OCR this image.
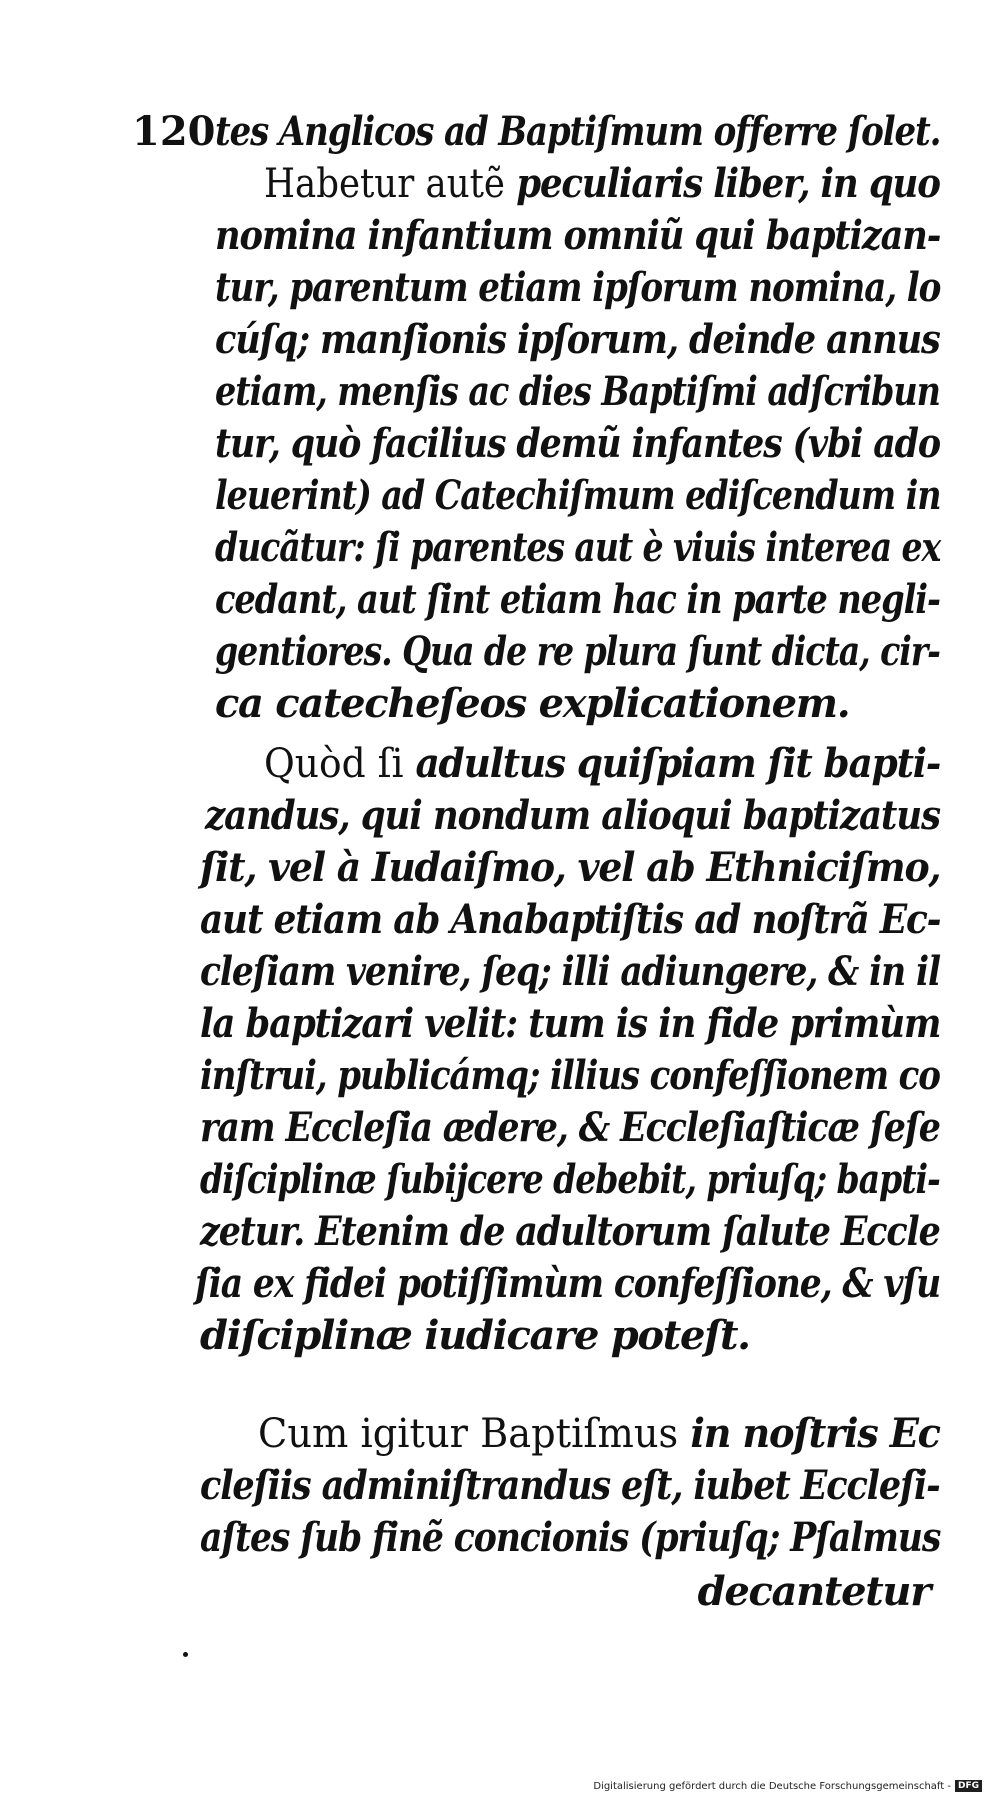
120 tes Anglicos ad Baptiſmum offerre ſolet.
Habetur autẽ peculiaris liber, in quo
nomina infantium omniũ qui baptizan-
tur, parentum etiam ipſorum nomina, lo
cúſq; manſionis ipſorum, deinde annus
etiam, menſis ac dies Baptiſmi adſcribun
tur, quò facilius demũ infantes (vbi ado
leuerint) ad Catechiſmum ediſcendum in
ducãtur: ſi parentes aut è viuis interea ex
cedant, aut ſint etiam hac in parte negli-
gentiores. Qua de re plura ſunt dicta, cir-
ca catecheſeos explicationem.
Quòd ſi adultus quiſpiam ſit bapti-
zandus, qui nondum alioqui baptizatus
ſit, vel à Iudaiſmo, vel ab Ethniciſmo,
aut etiam ab Anabaptiſtis ad noſtrã Ec-
cleſiam venire, ſeq; illi adiungere, & in il
la baptizari velit: tum is in fide primùm
inſtrui, publicámq; illius confeſſionem co
ram Eccleſia ædere, & Eccleſiaſticæ ſeſe
diſciplinæ ſubijcere debebit, priuſq; bapti-
zetur. Etenim de adultorum ſalute Eccle
ſia ex fidei potiſſimùm confeſſione, & vſu
diſciplinæ iudicare poteſt.
Cum igitur Baptiſmus in noſtris Ec
cleſiis adminiſtrandus eſt, iubet Eccleſi-
aſtes ſub finẽ concionis (priuſq; Pſalmus
decantetur
Digitalisierung gefördert durch die Deutsche Forschungsgemeinschaft - DFG
